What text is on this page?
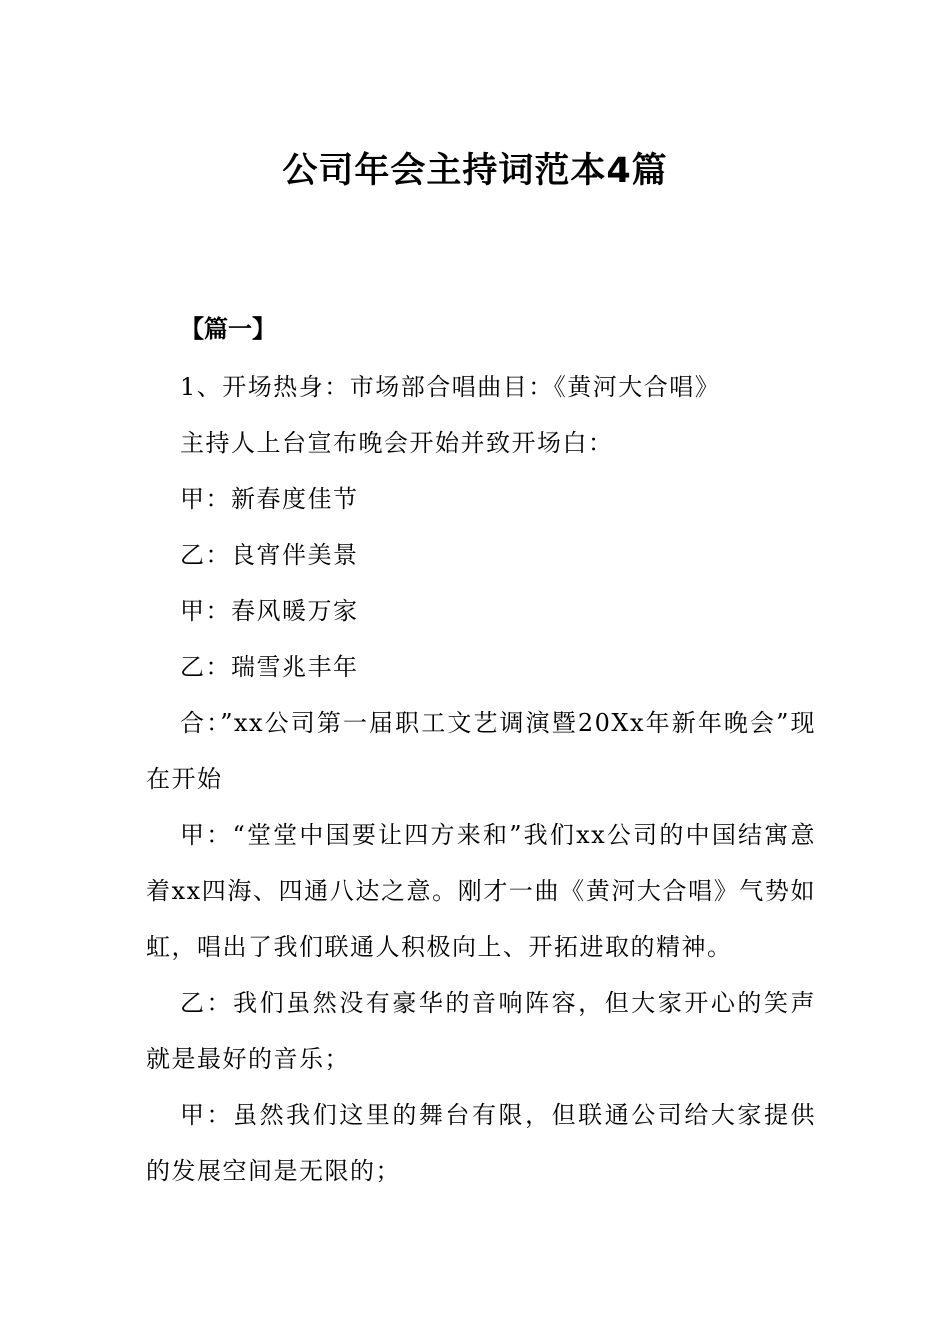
公司年会主持词范本4篇
【篇一】

1、开场热身：市场部合唱曲目：《黄河大合唱》

主持人上台宣布晚会开始并致开场白：

甲：新春度佳节

乙：良宵伴美景

甲：春风暖万家

乙：瑞雪兆丰年

合：”xx公司第一届职工文艺调演暨20Xx年新年晚会”现在开始

甲：“堂堂中国要让四方来和”我们xx公司的中国结寓意着xx四海、四通八达之意。刚才一曲《黄河大合唱》气势如虹，唱出了我们联通人积极向上、开拓进取的精神。

乙：我们虽然没有豪华的音响阵容，但大家开心的笑声就是最好的音乐；

甲：虽然我们这里的舞台有限，但联通公司给大家提供的发展空间是无限的；
